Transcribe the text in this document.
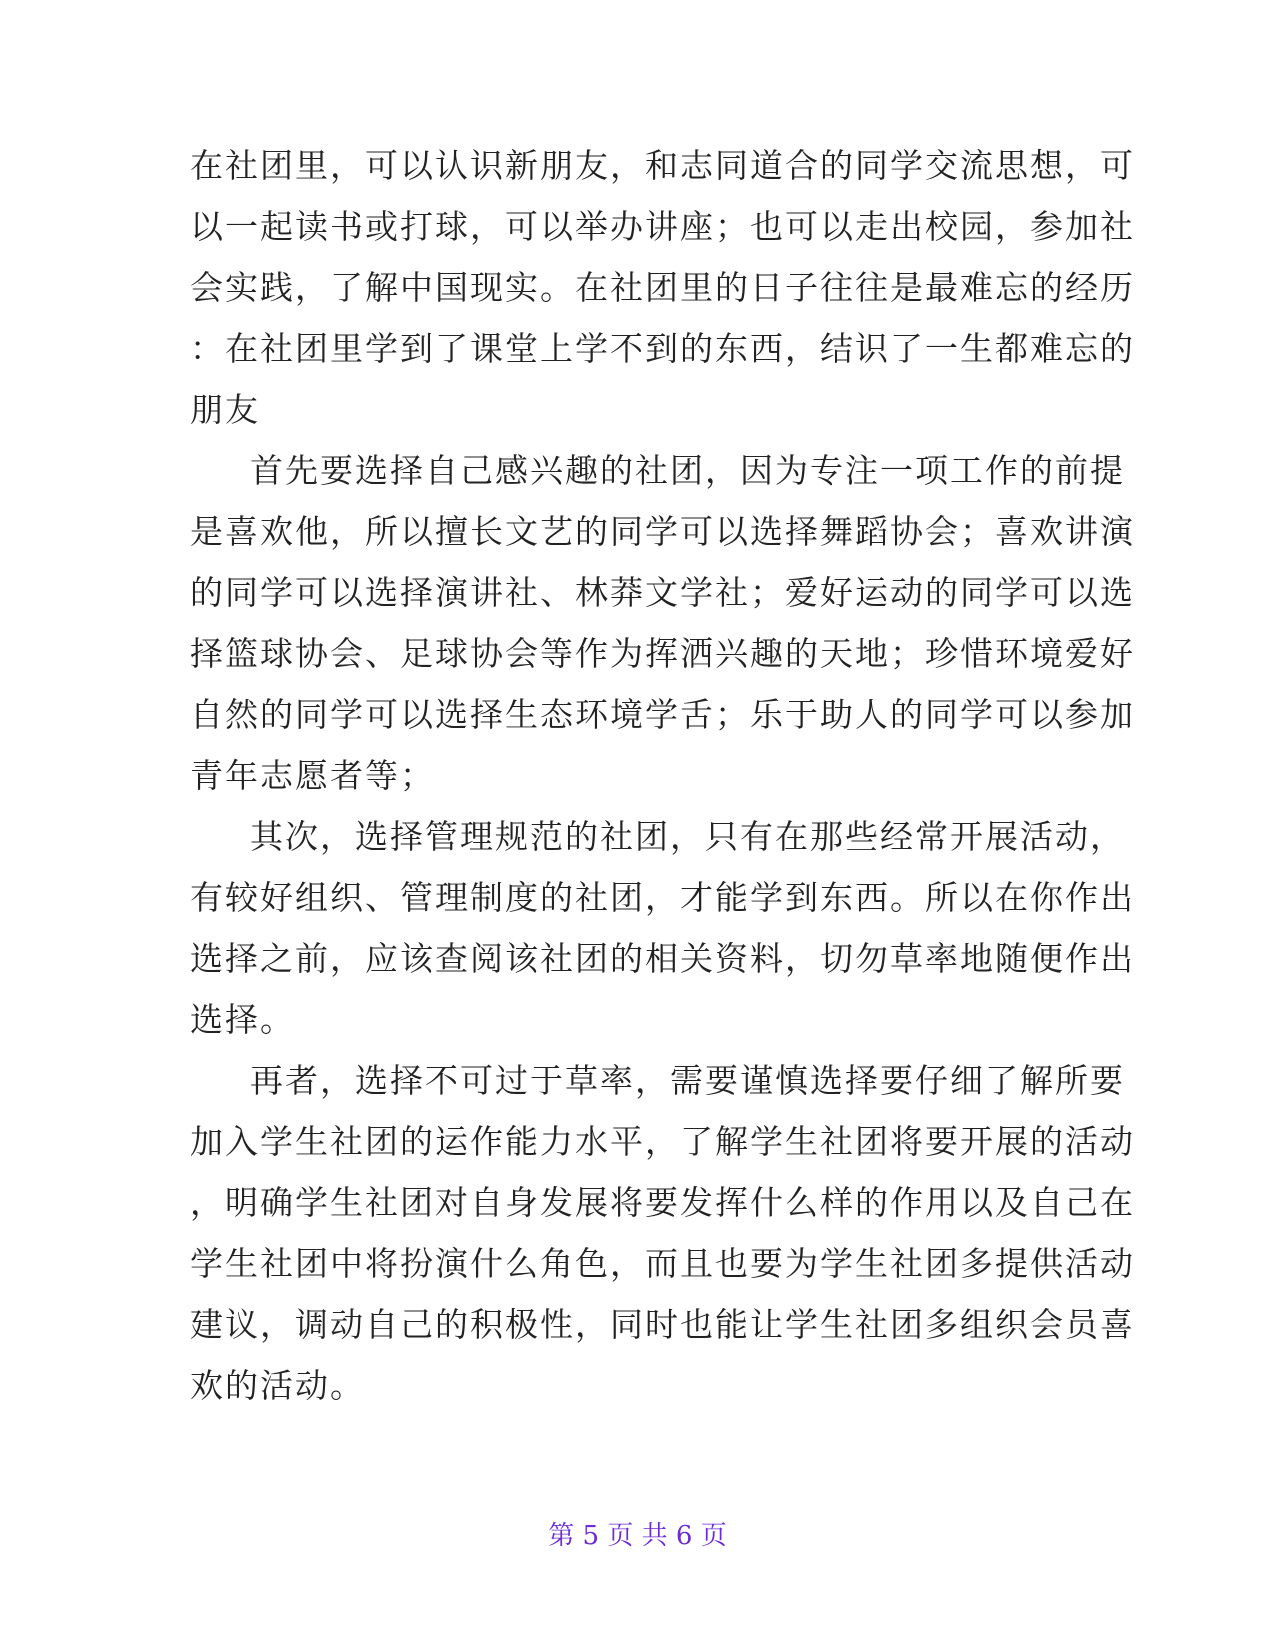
在社团里，可以认识新朋友，和志同道合的同学交流思想，可
以一起读书或打球，可以举办讲座；也可以走出校园，参加社
会实践，了解中国现实。在社团里的日子往往是最难忘的经历
：在社团里学到了课堂上学不到的东西，结识了一生都难忘的
朋友
首先要选择自己感兴趣的社团，因为专注一项工作的前提
是喜欢他，所以擅长文艺的同学可以选择舞蹈协会；喜欢讲演
的同学可以选择演讲社、林莽文学社；爱好运动的同学可以选
择篮球协会、足球协会等作为挥洒兴趣的天地；珍惜环境爱好
自然的同学可以选择生态环境学舌；乐于助人的同学可以参加
青年志愿者等；
其次，选择管理规范的社团，只有在那些经常开展活动，
有较好组织、管理制度的社团，才能学到东西。所以在你作出
选择之前，应该查阅该社团的相关资料，切勿草率地随便作出
选择。
再者，选择不可过于草率，需要谨慎选择要仔细了解所要
加入学生社团的运作能力水平，了解学生社团将要开展的活动
，明确学生社团对自身发展将要发挥什么样的作用以及自己在
学生社团中将扮演什么角色，而且也要为学生社团多提供活动
建议，调动自己的积极性，同时也能让学生社团多组织会员喜
欢的活动。
第 5 页 共 6 页
